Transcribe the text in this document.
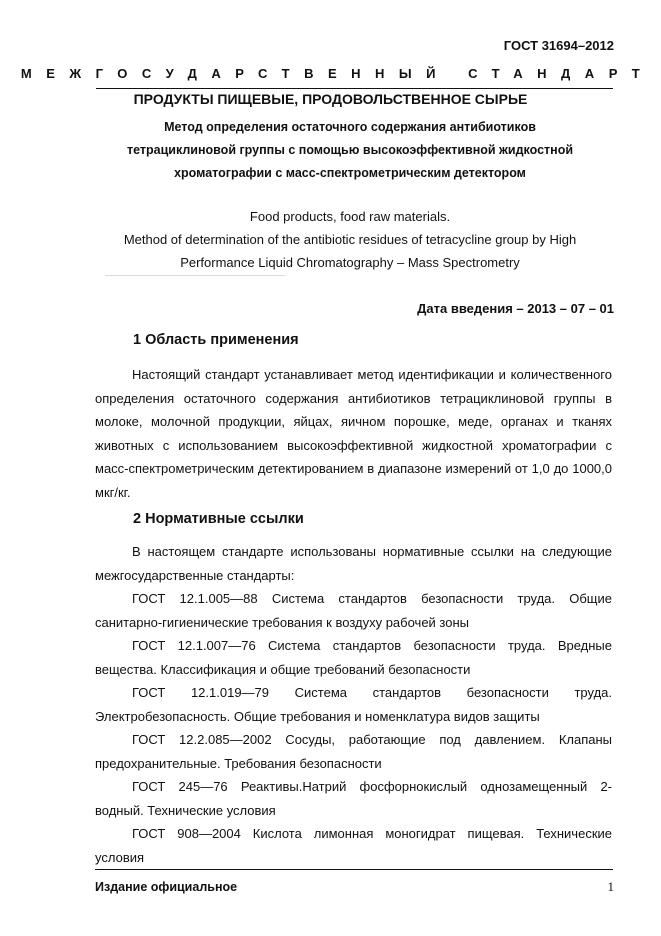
ГОСТ 31694–2012
МЕЖГОСУДАРСТВЕННЫЙ СТАНДАРТ
ПРОДУКТЫ ПИЩЕВЫЕ, ПРОДОВОЛЬСТВЕННОЕ СЫРЬЕ
Метод определения остаточного содержания антибиотиков
тетрациклиновой группы с помощью высокоэффективной жидкостной
хроматографии с масс-спектрометрическим детектором
Food products, food raw materials.
Method of determination of the antibiotic residues of tetracycline group by High
Performance Liquid Chromatography – Mass Spectrometry
Дата введения – 2013 – 07 – 01
1 Область применения

Настоящий стандарт устанавливает метод идентификации и количественного определения остаточного содержания антибиотиков тетрациклиновой группы в молоке, молочной продукции, яйцах, яичном порошке, меде, органах и тканях животных с использованием высокоэффективной жидкостной хроматографии с масс-спектрометрическим детектированием в диапазоне измерений от 1,0 до 1000,0 мкг/кг.

2 Нормативные ссылки

В настоящем стандарте использованы нормативные ссылки на следующие межгосударственные стандарты:

ГОСТ 12.1.005—88 Система стандартов безопасности труда. Общие санитарно-гигиенические требования к воздуху рабочей зоны

ГОСТ 12.1.007—76 Система стандартов безопасности труда. Вредные вещества. Классификация и общие требований безопасности

ГОСТ 12.1.019—79 Система стандартов безопасности труда. Электробезопасность. Общие требования и номенклатура видов защиты

ГОСТ 12.2.085—2002 Сосуды, работающие под давлением. Клапаны предохранительные. Требования безопасности

ГОСТ 245—76 Реактивы.Натрий фосфорнокислый однозамещенный 2-водный. Технические условия

ГОСТ 908—2004 Кислота лимонная моногидрат пищевая. Технические условия

Издание официальное	1
